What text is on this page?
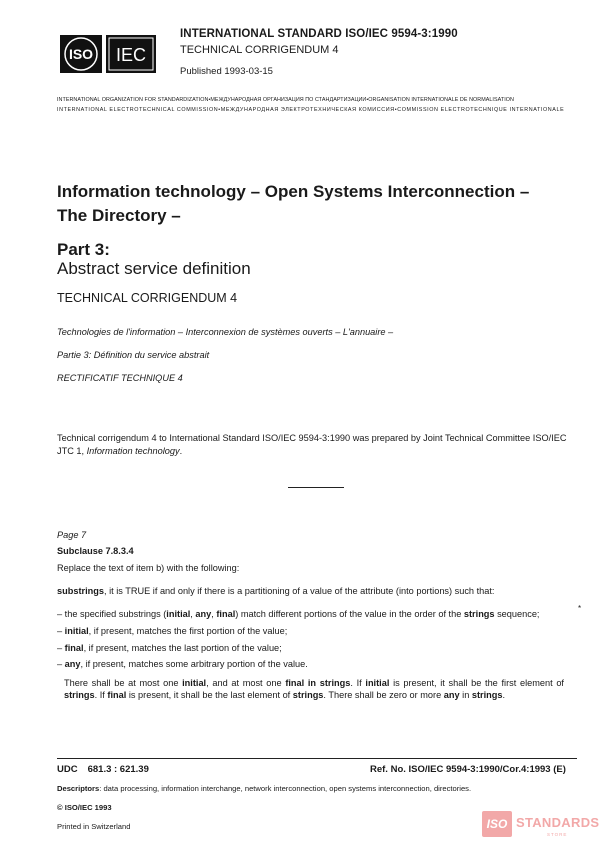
ISO IEC
INTERNATIONAL STANDARD ISO/IEC 9594-3:1990
TECHNICAL CORRIGENDUM 4
Published 1993-03-15
INTERNATIONAL ORGANIZATION FOR STANDARDIZATION•МЕЖДУНАРОДНАЯ ОРГАНИЗАЦИЯ ПО СТАНДАРТИЗАЦИИ•ORGANISATION INTERNATIONALE DE NORMALISATION
INTERNATIONAL ELECTROTECHNICAL COMMISSION•МЕЖДУНАРОДНАЯ ЭЛЕКТРОТЕХНИЧЕСКАЯ КОМИССИЯ•COMMISSION ELECTROTECHNIQUE INTERNATIONALE
Information technology – Open Systems Interconnection – The Directory –
Part 3:
Abstract service definition
TECHNICAL CORRIGENDUM 4
Technologies de l'information – Interconnexion de systèmes ouverts – L'annuaire –
Partie 3: Définition du service abstrait
RECTIFICATIF TECHNIQUE 4
Technical corrigendum 4 to International Standard ISO/IEC 9594-3:1990 was prepared by Joint Technical Committee ISO/IEC JTC 1, Information technology.
Page 7
Subclause 7.8.3.4
Replace the text of item b) with the following:
substrings, it is TRUE if and only if there is a partitioning of a value of the attribute (into portions) such that:
– the specified substrings (initial, any, final) match different portions of the value in the order of the strings sequence;
*
– initial, if present, matches the first portion of the value;
– final, if present, matches the last portion of the value;
– any, if present, matches some arbitrary portion of the value.
There shall be at most one initial, and at most one final in strings. If initial is present, it shall be the first element of strings. If final is present, it shall be the last element of strings. There shall be zero or more any in strings.
UDC 681.3 : 621.39	Ref. No. ISO/IEC 9594-3:1990/Cor.4:1993 (E)
Descriptors: data processing, information interchange, network interconnection, open systems interconnection, directories.
© ISO/IEC 1993
Printed in Switzerland	ISO STANDARDS
STORE
